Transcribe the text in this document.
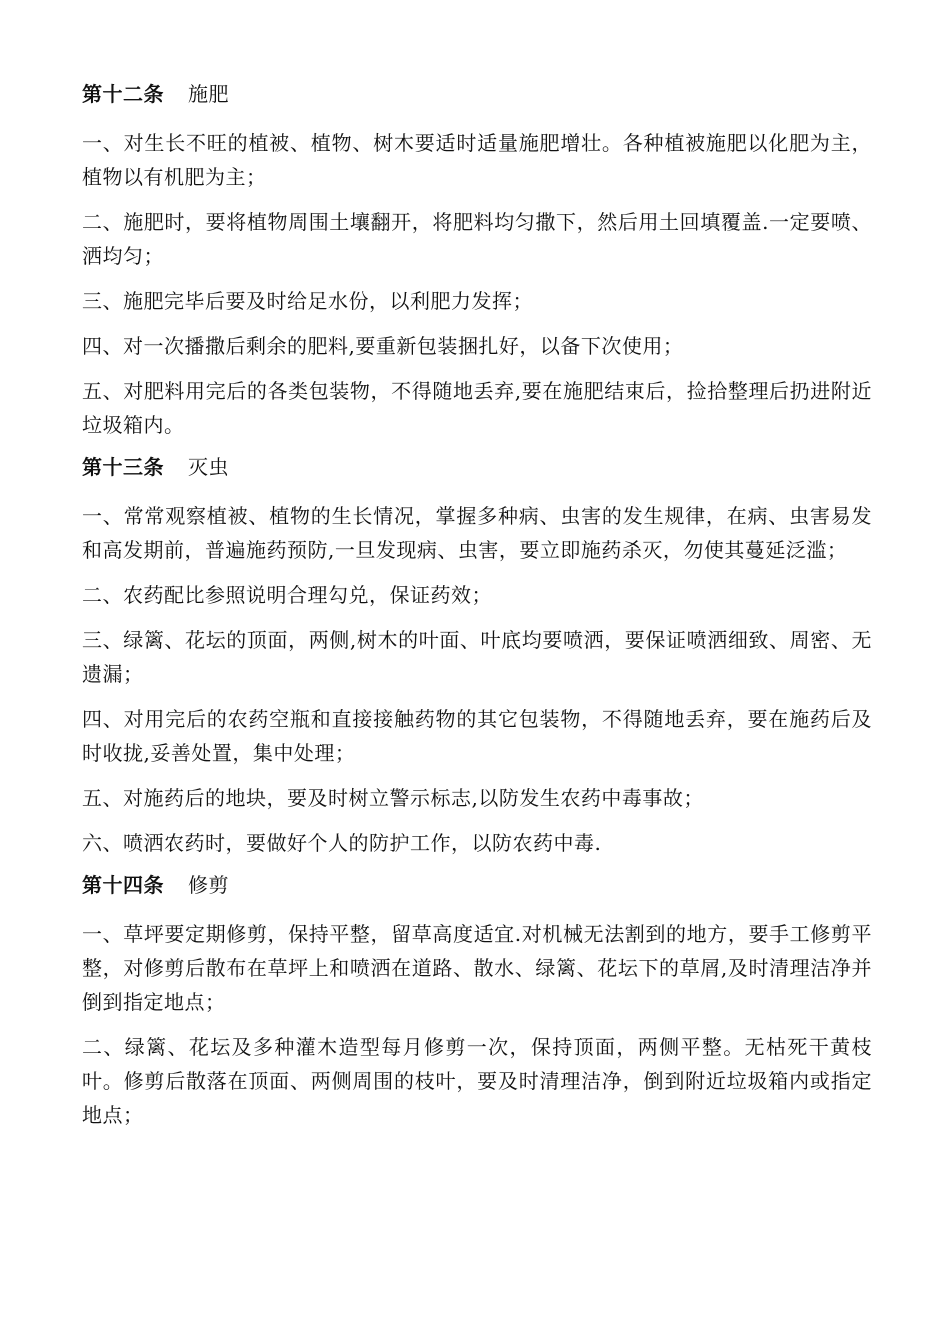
第十二条 施肥

一、对生长不旺的植被、植物、树木要适时适量施肥增壮。各种植被施肥以化肥为主，植物以有机肥为主；

二、施肥时，要将植物周围土壤翻开，将肥料均匀撒下，然后用土回填覆盖.一定要喷、洒均匀；

三、施肥完毕后要及时给足水份，以利肥力发挥；

四、对一次播撒后剩余的肥料,要重新包装捆扎好，以备下次使用；

五、对肥料用完后的各类包装物，不得随地丢弃,要在施肥结束后，捡拾整理后扔进附近垃圾箱内。

第十三条 灭虫

一、常常观察植被、植物的生长情况，掌握多种病、虫害的发生规律，在病、虫害易发和高发期前，普遍施药预防,一旦发现病、虫害，要立即施药杀灭，勿使其蔓延泛滥；

二、农药配比参照说明合理勾兑，保证药效；

三、绿篱、花坛的顶面，两侧,树木的叶面、叶底均要喷洒，要保证喷洒细致、周密、无遗漏；

四、对用完后的农药空瓶和直接接触药物的其它包装物，不得随地丢弃，要在施药后及时收拢,妥善处置，集中处理；

五、对施药后的地块，要及时树立警示标志,以防发生农药中毒事故；

六、喷洒农药时，要做好个人的防护工作，以防农药中毒.

第十四条 修剪

一、草坪要定期修剪，保持平整，留草高度适宜.对机械无法割到的地方，要手工修剪平整，对修剪后散布在草坪上和喷洒在道路、散水、绿篱、花坛下的草屑,及时清理洁净并倒到指定地点；

二、绿篱、花坛及多种灌木造型每月修剪一次，保持顶面，两侧平整。无枯死干黄枝叶。修剪后散落在顶面、两侧周围的枝叶，要及时清理洁净，倒到附近垃圾箱内或指定地点；
